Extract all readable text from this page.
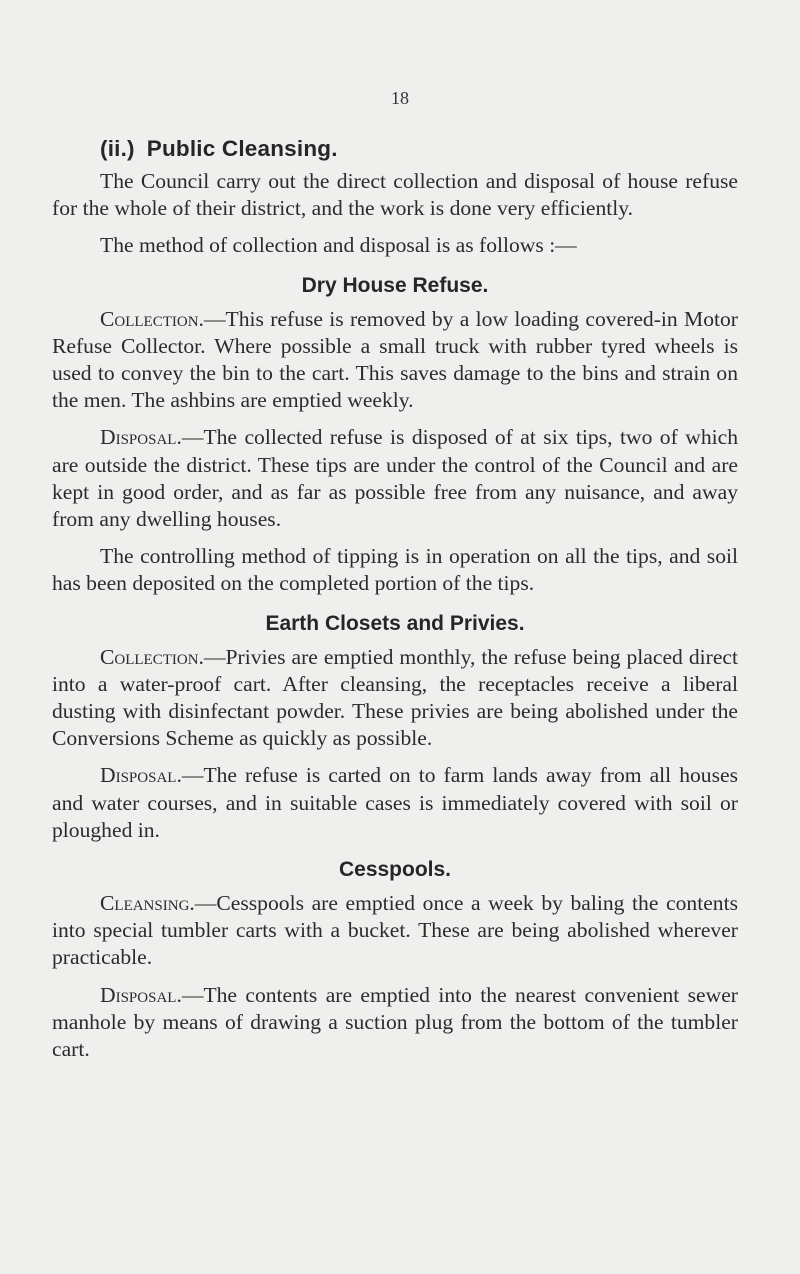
18
(ii.) Public Cleansing.

The Council carry out the direct collection and disposal of house refuse for the whole of their district, and the work is done very efficiently.

The method of collection and disposal is as follows :—

Dry House Refuse.

Collection.—This refuse is removed by a low loading covered-in Motor Refuse Collector. Where possible a small truck with rubber tyred wheels is used to convey the bin to the cart. This saves damage to the bins and strain on the men. The ashbins are emptied weekly.

Disposal.—The collected refuse is disposed of at six tips, two of which are outside the district. These tips are under the control of the Council and are kept in good order, and as far as possible free from any nuisance, and away from any dwelling houses.

The controlling method of tipping is in operation on all the tips, and soil has been deposited on the completed portion of the tips.

Earth Closets and Privies.

Collection.—Privies are emptied monthly, the refuse being placed direct into a water-proof cart. After cleansing, the receptacles receive a liberal dusting with disinfectant powder. These privies are being abolished under the Conversions Scheme as quickly as possible.

Disposal.—The refuse is carted on to farm lands away from all houses and water courses, and in suitable cases is immediately covered with soil or ploughed in.

Cesspools.

Cleansing.—Cesspools are emptied once a week by baling the contents into special tumbler carts with a bucket. These are being abolished wherever practicable.

Disposal.—The contents are emptied into the nearest convenient sewer manhole by means of drawing a suction plug from the bottom of the tumbler cart.
